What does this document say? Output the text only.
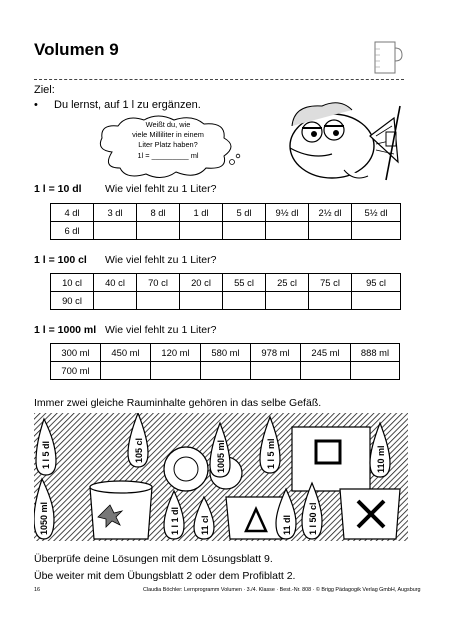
Volumen 9
Ziel:
• Du lernst, auf 1 l zu ergänzen.
Weißt du, wie
viele Milliliter in einem
Liter Platz haben?
1l = _________ ml
1 l = 10 dl Wie viel fehlt zu 1 Liter?
4 dl	3 dl	8 dl	1 dl	5 dl	9½ dl	2½ dl	5½ dl
6 dl							
1 l = 100 cl Wie viel fehlt zu 1 Liter?
10 cl	40 cl	70 cl	20 cl	55 cl	25 cl	75 cl	95 cl
90 cl							
1 l = 1000 ml Wie viel fehlt zu 1 Liter?
300 ml	450 ml	120 ml	580 ml	978 ml	245 ml	888 ml
700 ml						
Immer zwei gleiche Rauminhalte gehören in das selbe Gefäß.
1 l 5 dl	105 cl	1005 ml	1 l 5 ml	110 ml
1050 ml	1 l 1 dl 11 cl	11 dl 1 l 50 cl
Überprüfe deine Lösungen mit dem Lösungsblatt 9.
Übe weiter mit dem Übungsblatt 2 oder dem Profiblatt 2.
16	Claudia Böchler: Lernprogramm Volumen · 3./4. Klasse · Best.-Nr. 808 · © Brigg Pädagogik Verlag GmbH, Augsburg
